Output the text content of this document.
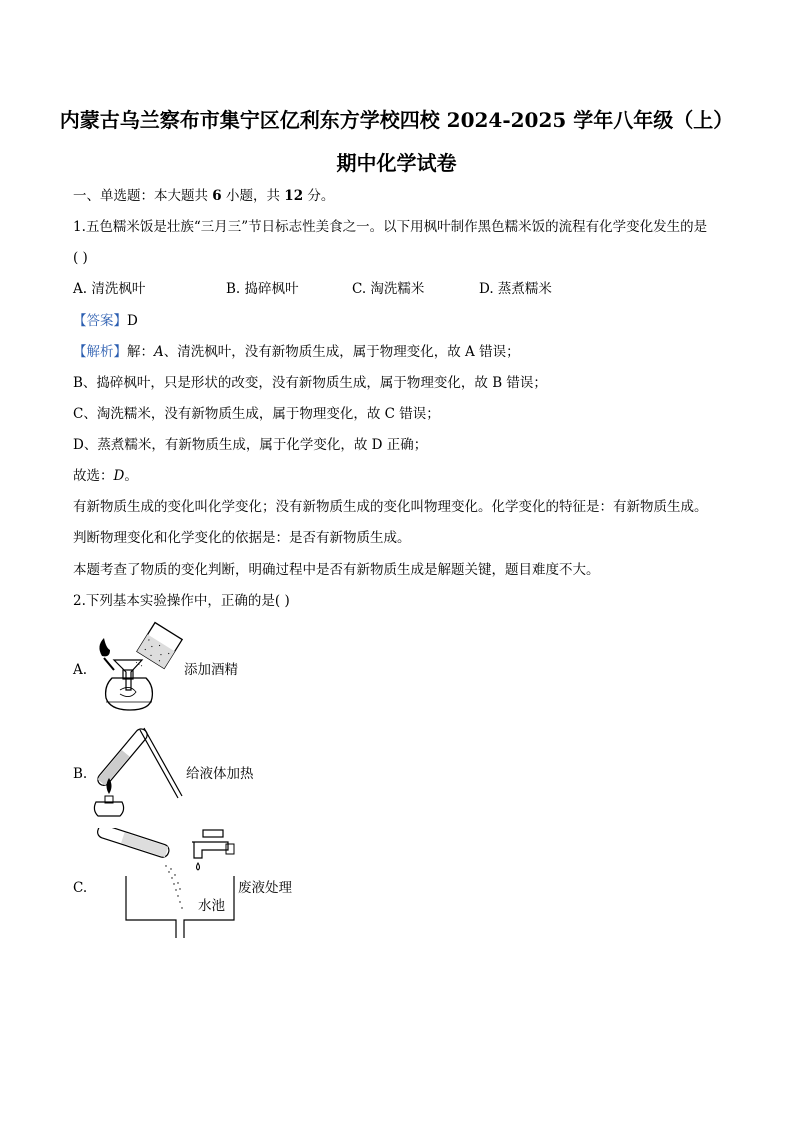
内蒙古乌兰察布市集宁区亿利东方学校四校 2024-2025 学年八年级（上）
期中化学试卷
一、单选题：本大题共 6 小题，共 12 分。
1.五色糯米饭是壮族“三月三”节日标志性美食之一。以下用枫叶制作黑色糯米饭的流程有化学变化发生的是
( )
A. 清洗枫叶	B. 捣碎枫叶	C. 淘洗糯米	D. 蒸煮糯米
【答案】D
【解析】解：A、清洗枫叶，没有新物质生成，属于物理变化，故 A 错误；
B、捣碎枫叶，只是形状的改变，没有新物质生成，属于物理变化，故 B 错误；
C、淘洗糯米，没有新物质生成，属于物理变化，故 C 错误；
D、蒸煮糯米，有新物质生成，属于化学变化，故 D 正确；
故选：D。
有新物质生成的变化叫化学变化；没有新物质生成的变化叫物理变化。化学变化的特征是：有新物质生成。
判断物理变化和化学变化的依据是：是否有新物质生成。
本题考查了物质的变化判断，明确过程中是否有新物质生成是解题关键，题目难度不大。
2.下列基本实验操作中，正确的是( )
A.	添加酒精
B.	给液体加热
C.
水池
废液处理
